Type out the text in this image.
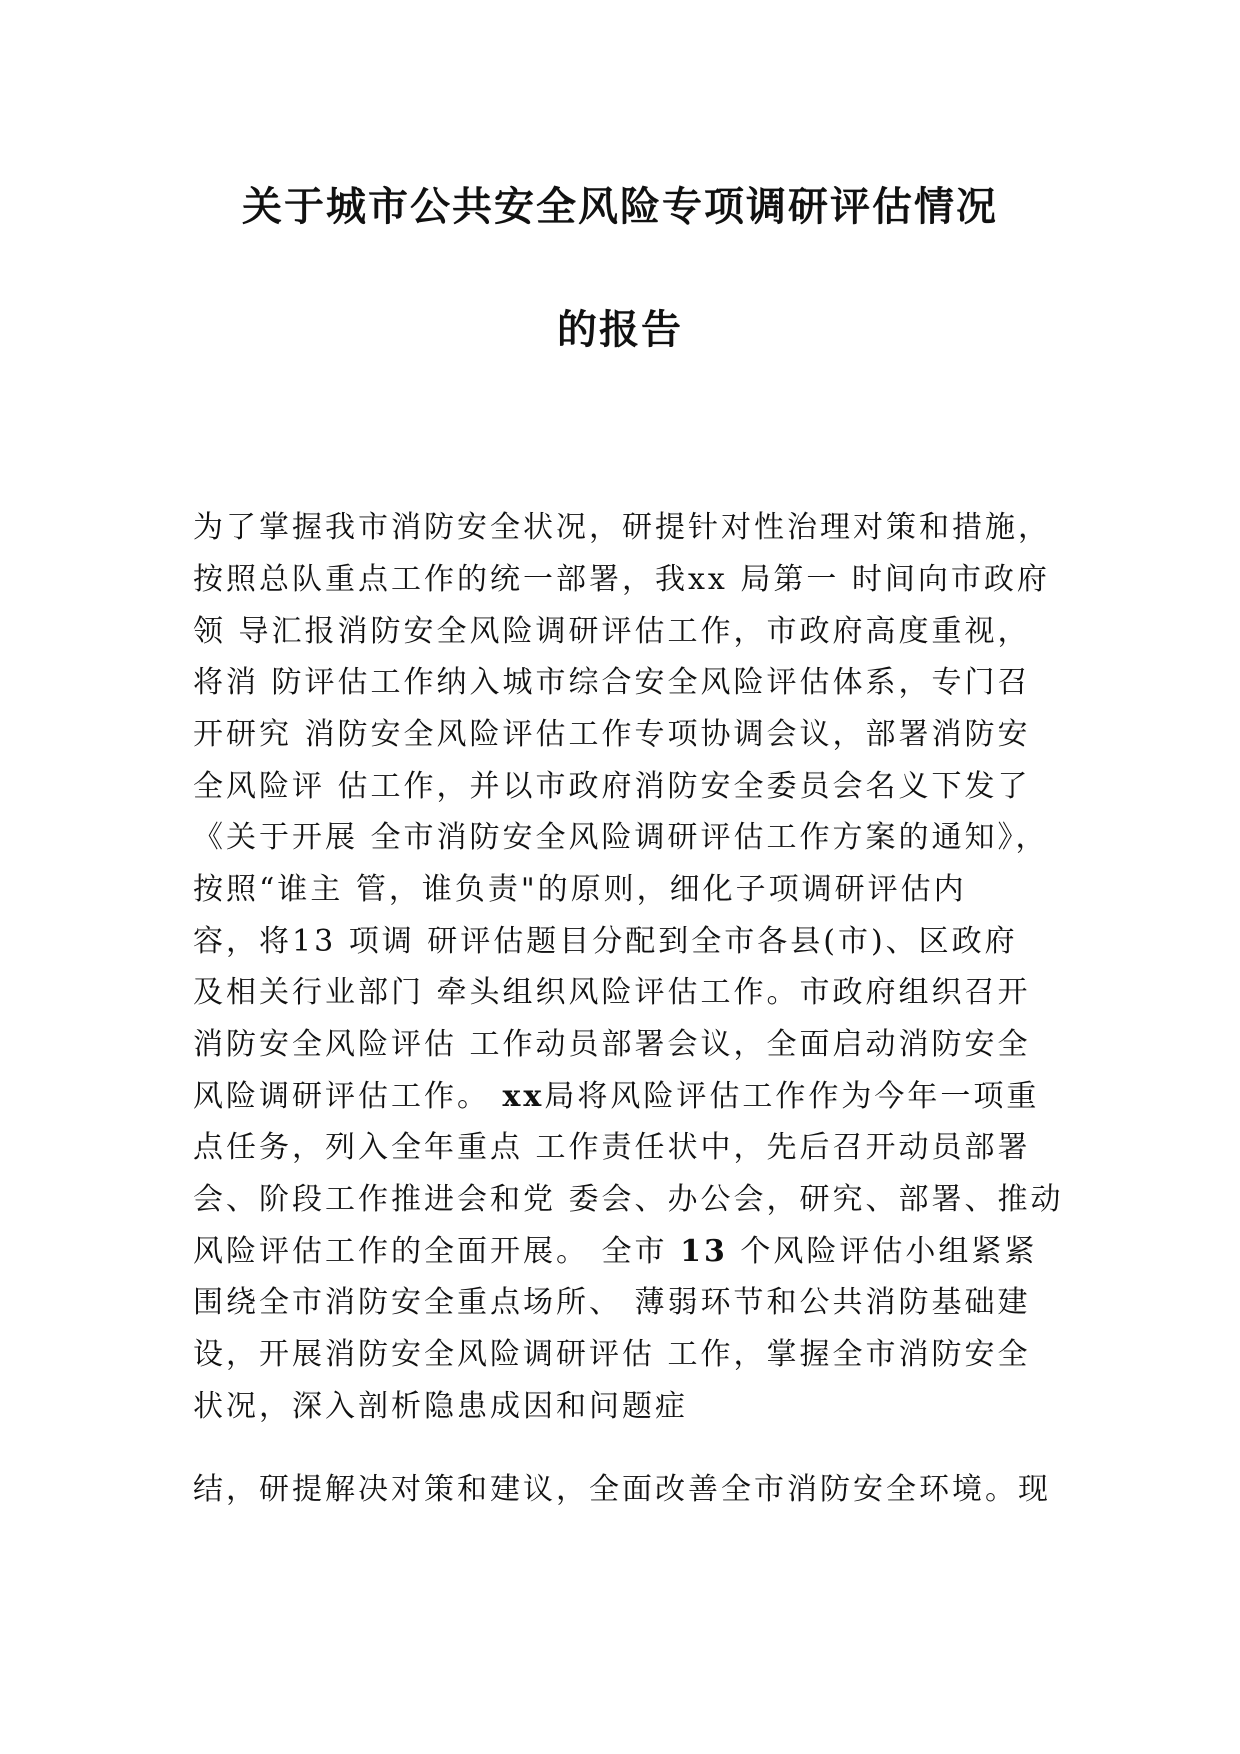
关于城市公共安全风险专项调研评估情况
的报告
为了掌握我市消防安全状况，研提针对性治理对策和措施，
按照总队重点工作的统一部署，我xx 局第一 时间向市政府
领 导汇报消防安全风险调研评估工作，市政府高度重视，
将消 防评估工作纳入城市综合安全风险评估体系，专门召
开研究 消防安全风险评估工作专项协调会议，部署消防安
全风险评 估工作，并以市政府消防安全委员会名义下发了
《关于开展 全市消防安全风险调研评估工作方案的通知》，
按照“谁主 管，谁负责"的原则，细化子项调研评估内
容，将13 项调 研评估题目分配到全市各县(市)、区政府
及相关行业部门 牵头组织风险评估工作。市政府组织召开
消防安全风险评估 工作动员部署会议，全面启动消防安全
风险调研评估工作。 xx局将风险评估工作作为今年一项重
点任务，列入全年重点 工作责任状中，先后召开动员部署
会、阶段工作推进会和党 委会、办公会，研究、部署、推动
风险评估工作的全面开展。 全市 13 个风险评估小组紧紧
围绕全市消防安全重点场所、 薄弱环节和公共消防基础建
设，开展消防安全风险调研评估 工作，掌握全市消防安全
状况，深入剖析隐患成因和问题症
结，研提解决对策和建议，全面改善全市消防安全环境。现
